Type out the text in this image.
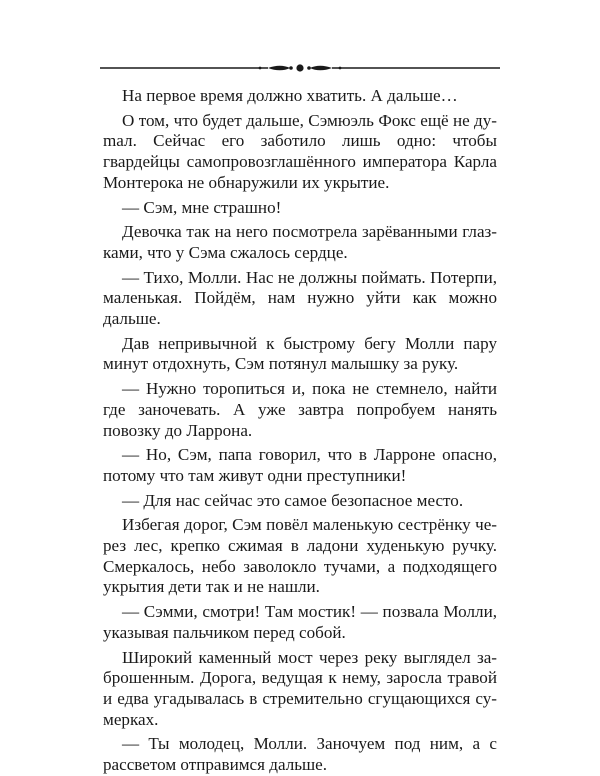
На первое время должно хватить. А дальше…

О том, что будет дальше, Сэмюэль Фокс ещё не дуmал. Сейчас его заботило лишь одно: чтобы гвардейцы самопровозглашённого императора Карла Монтерока не обнаружили их укрытие.

— Сэм, мне страшно!

Девочка так на него посмотрела зарёванными глазками, что у Сэма сжалось сердце.

— Тихо, Молли. Нас не должны поймать. Потерпи, маленькая. Пойдём, нам нужно уйти как можно дальше.

Дав непривычной к быстрому бегу Молли пару минут отдохнуть, Сэм потянул малышку за руку.

— Нужно торопиться и, пока не стемнело, найти где заночевать. А уже завтра попробуем нанять повозку до Ларрона.

— Но, Сэм, папа говорил, что в Ларроне опасно, потому что там живут одни преступники!

— Для нас сейчас это самое безопасное место.

Избегая дорог, Сэм повёл маленькую сестрёнку через лес, крепко сжимая в ладони худенькую ручку. Смеркалось, небо заволокло тучами, а подходящего укрытия дети так и не нашли.

— Сэмми, смотри! Там мостик! — позвала Молли, указывая пальчиком перед собой.

Широкий каменный мост через реку выглядел заброшенным. Дорога, ведущая к нему, заросла травой и едва угадывалась в стремительно сгущающихся сумерках.

— Ты молодец, Молли. Заночуем под ним, а с рассветом отправимся дальше.
